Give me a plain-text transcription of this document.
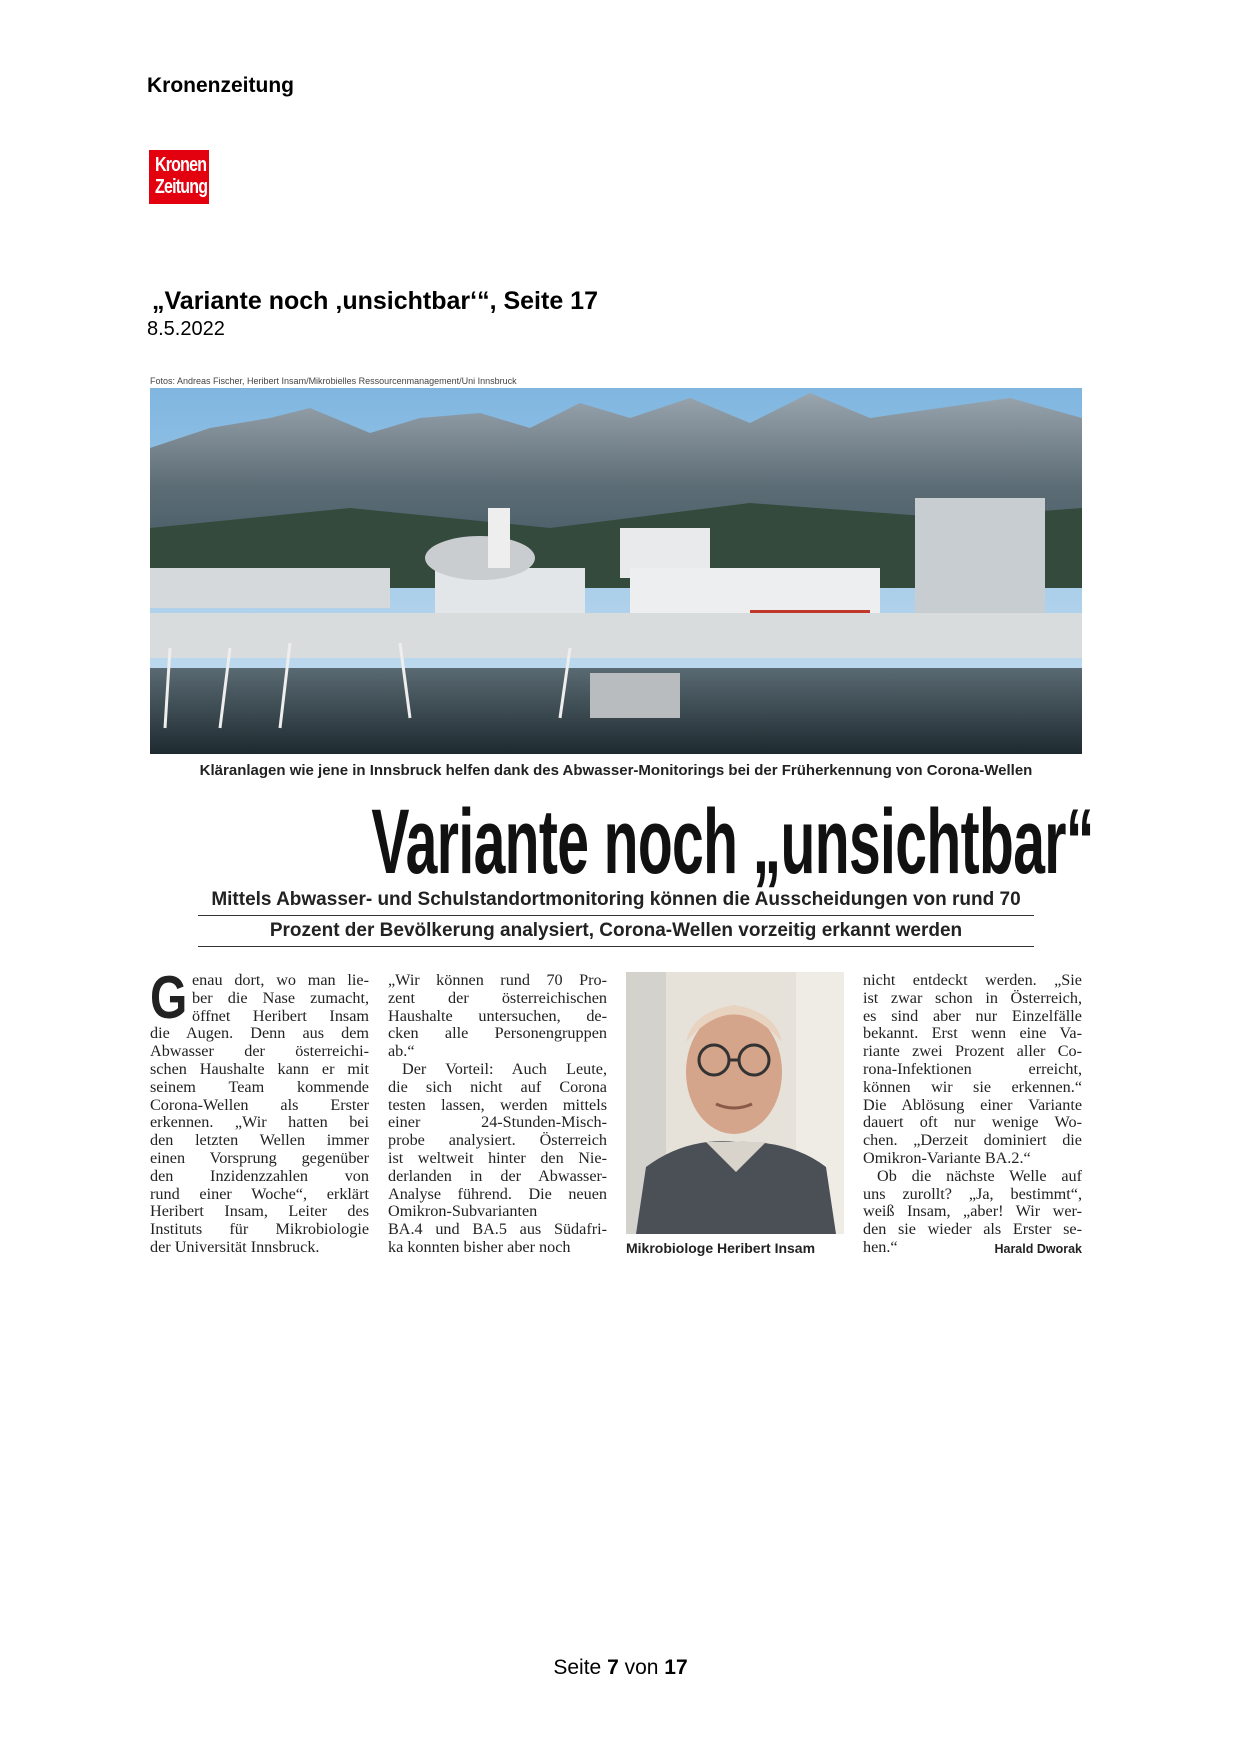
Kronenzeitung
Kronen
Zeitung
„Variante noch ‚unsichtbar‘“, Seite 17
8.5.2022
Fotos: Andreas Fischer, Heribert Insam/Mikrobielles Ressourcenmanagement/Uni Innsbruck
Kläranlagen wie jene in Innsbruck helfen dank des Abwasser-Monitorings bei der Früherkennung von Corona-Wellen
Variante noch „unsichtbar“
Mittels Abwasser- und Schulstandortmonitoring können die Ausscheidungen von rund 70
Prozent der Bevölkerung analysiert, Corona-Wellen vorzeitig erkannt werden
G enau dort, wo man lie-
ber die Nase zumacht,
öffnet Heribert Insam
die Augen. Denn aus dem
Abwasser der österreichi-
schen Haushalte kann er mit
seinem Team kommende
Corona-Wellen als Erster
erkennen. „Wir hatten bei
den letzten Wellen immer
einen Vorsprung gegenüber
den Inzidenzzahlen von
rund einer Woche“, erklärt
Heribert Insam, Leiter des
Instituts für Mikrobiologie
der Universität Innsbruck.
„Wir können rund 70 Pro-
zent der österreichischen
Haushalte untersuchen, de-
cken alle Personengruppen
ab.“
Der Vorteil: Auch Leute,
die sich nicht auf Corona
testen lassen, werden mittels
einer 24-Stunden-Misch-
probe analysiert. Österreich
ist weltweit hinter den Nie-
derlanden in der Abwasser-
Analyse führend. Die neuen
Omikron-Subvarianten
BA.4 und BA.5 aus Südafri-
ka konnten bisher aber noch	Mikrobiologe Heribert Insam
nicht entdeckt werden. „Sie
ist zwar schon in Österreich,
es sind aber nur Einzelfälle
bekannt. Erst wenn eine Va-
riante zwei Prozent aller Co-
rona-Infektionen erreicht,
können wir sie erkennen.“
Die Ablösung einer Variante
dauert oft nur wenige Wo-
chen. „Derzeit dominiert die
Omikron-Variante BA.2.“
Ob die nächste Welle auf
uns zurollt? „Ja, bestimmt“,
weiß Insam, „aber! Wir wer-
den sie wieder als Erster se-
hen.“	Harald Dworak
Seite 7 von 17
